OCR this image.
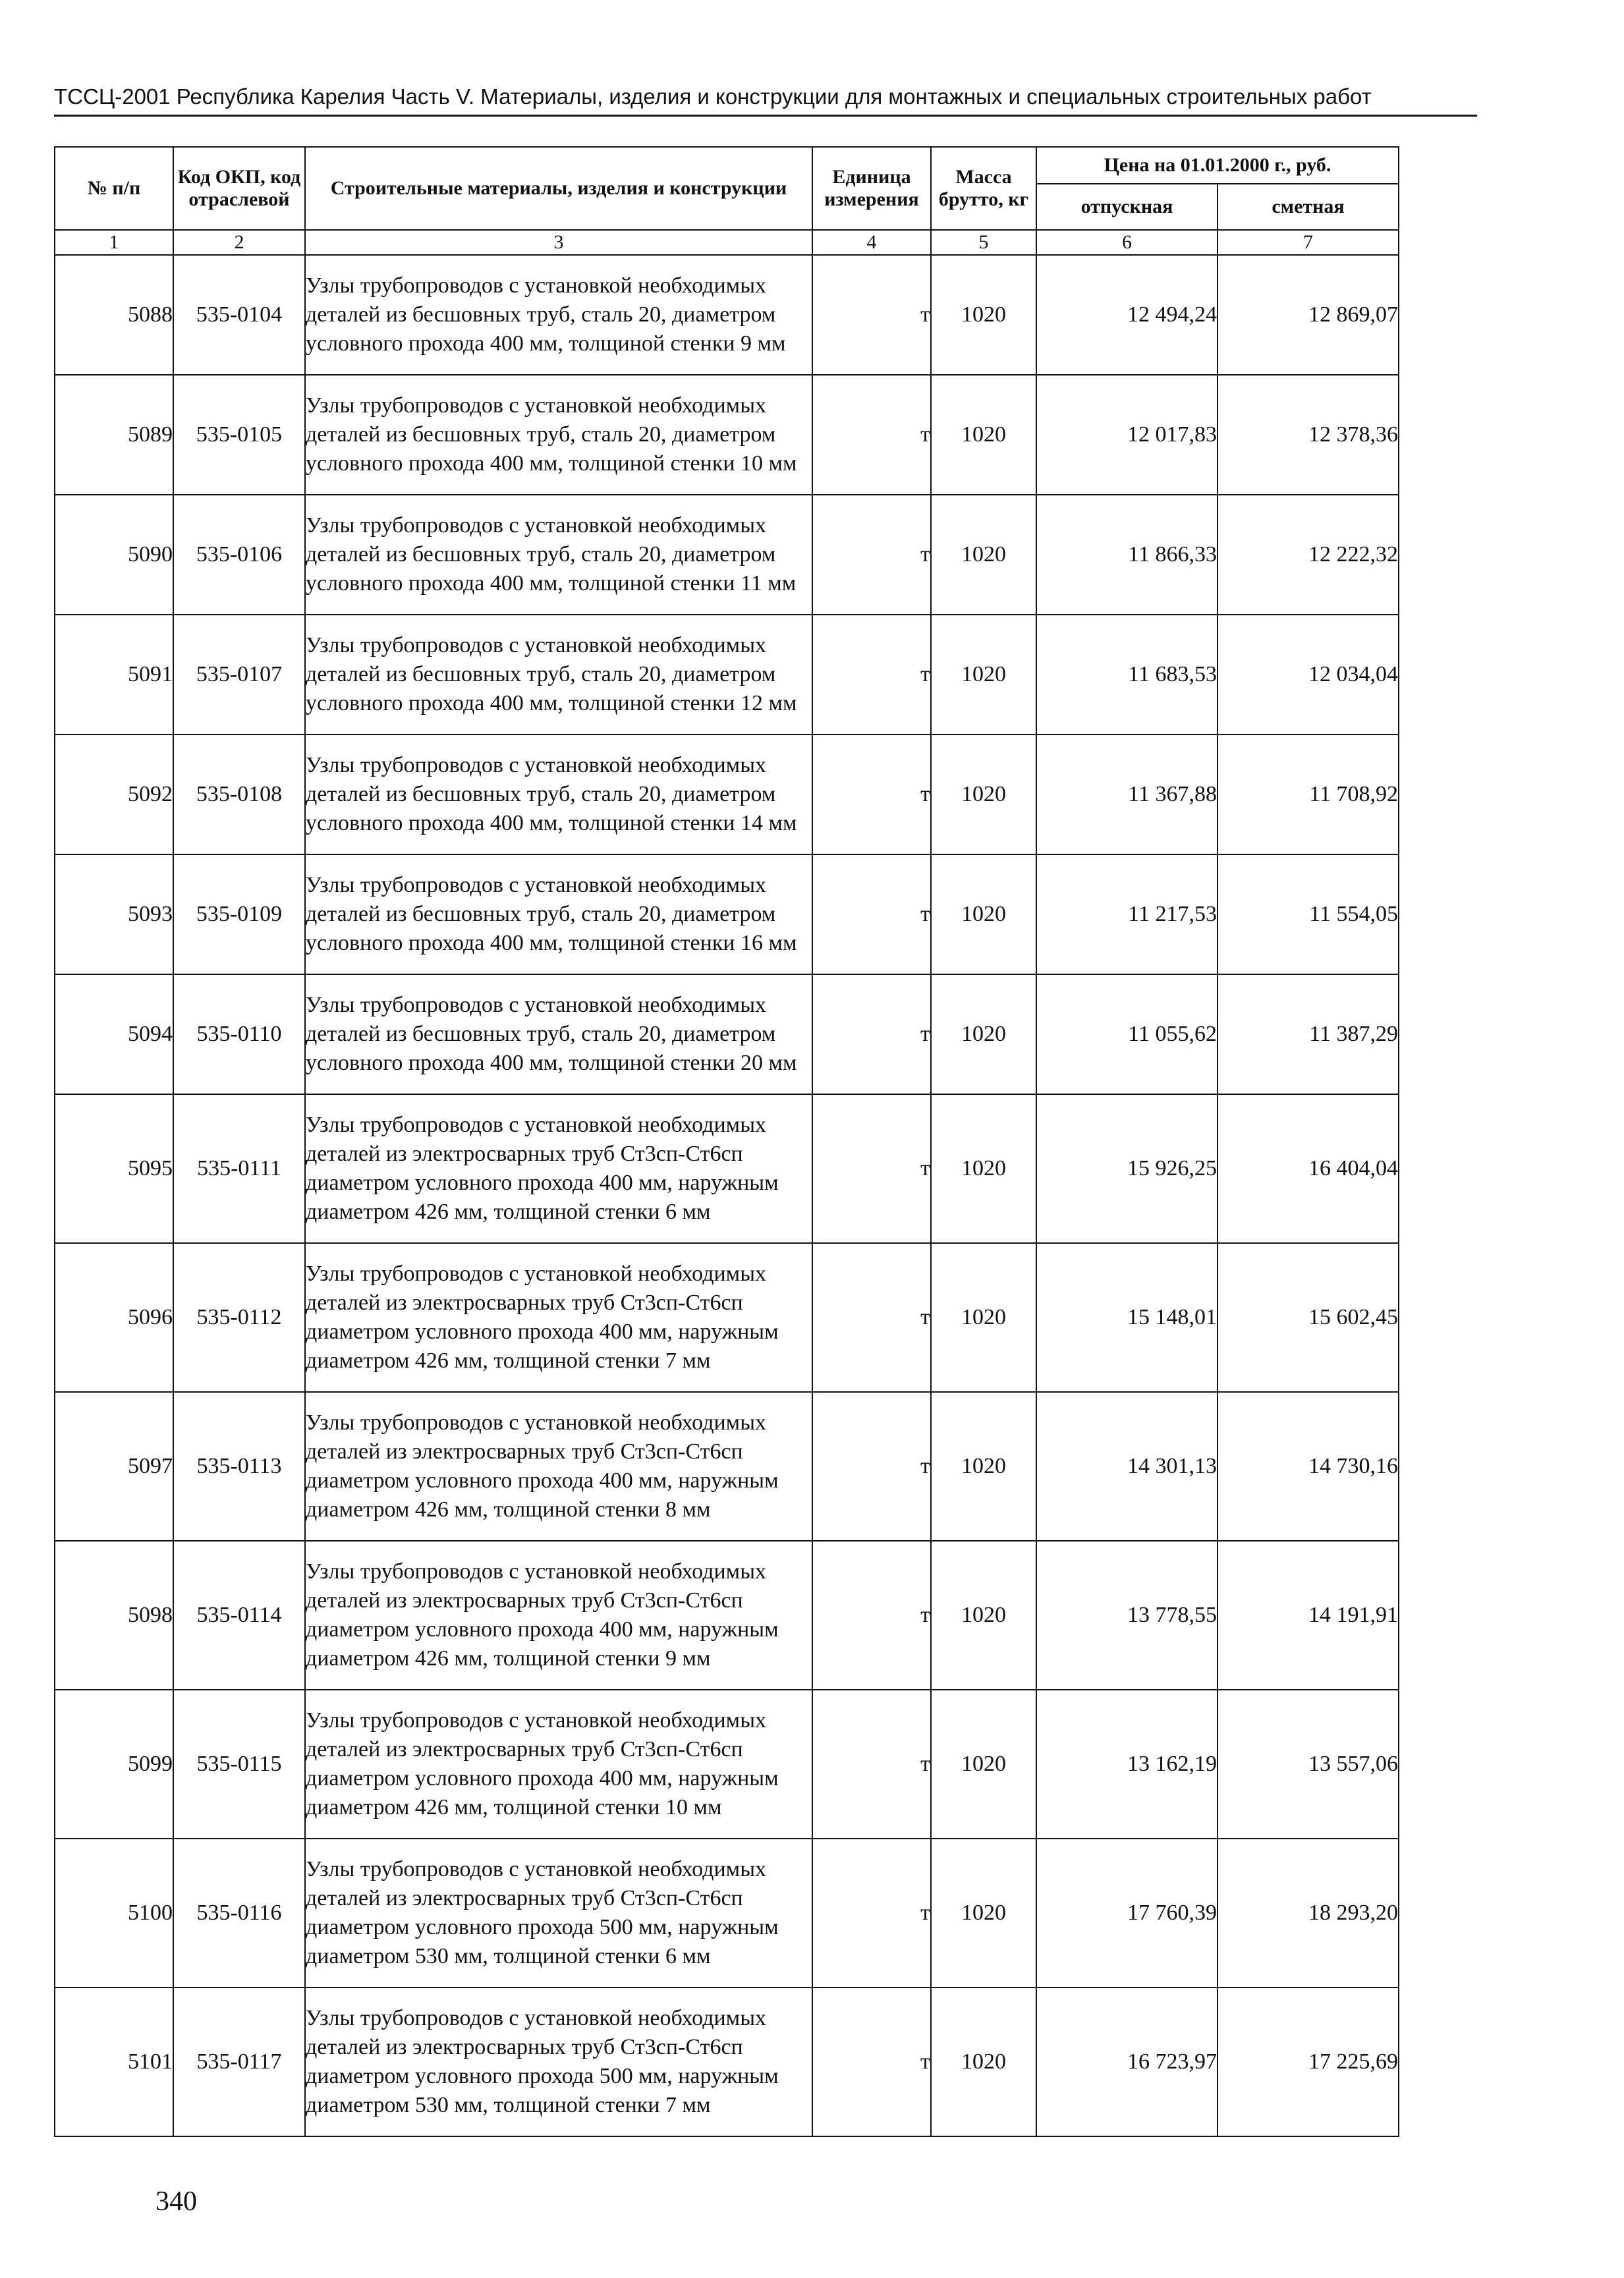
ТССЦ-2001 Республика Карелия Часть V. Материалы, изделия и конструкции для монтажных и специальных строительных работ
№ п/п	Код ОКП, код отраслевой	Строительные материалы, изделия и конструкции	Единица измерения	Масса брутто, кг	Цена на 01.01.2000 г., руб.	
					отпускная	сметная
1	2	3	4	5	6	7
5088	535-0104	Узлы трубопроводов с установкой необходимых деталей из бесшовных труб, сталь 20, диаметром условного прохода 400 мм, толщиной стенки 9 мм	т	1020	12 494,24	12 869,07
5089	535-0105	Узлы трубопроводов с установкой необходимых деталей из бесшовных труб, сталь 20, диаметром условного прохода 400 мм, толщиной стенки 10 мм	т	1020	12 017,83	12 378,36
5090	535-0106	Узлы трубопроводов с установкой необходимых деталей из бесшовных труб, сталь 20, диаметром условного прохода 400 мм, толщиной стенки 11 мм	т	1020	11 866,33	12 222,32
5091	535-0107	Узлы трубопроводов с установкой необходимых деталей из бесшовных труб, сталь 20, диаметром условного прохода 400 мм, толщиной стенки 12 мм	т	1020	11 683,53	12 034,04
5092	535-0108	Узлы трубопроводов с установкой необходимых деталей из бесшовных труб, сталь 20, диаметром условного прохода 400 мм, толщиной стенки 14 мм	т	1020	11 367,88	11 708,92
5093	535-0109	Узлы трубопроводов с установкой необходимых деталей из бесшовных труб, сталь 20, диаметром условного прохода 400 мм, толщиной стенки 16 мм	т	1020	11 217,53	11 554,05
5094	535-0110	Узлы трубопроводов с установкой необходимых деталей из бесшовных труб, сталь 20, диаметром условного прохода 400 мм, толщиной стенки 20 мм	т	1020	11 055,62	11 387,29
5095	535-0111	Узлы трубопроводов с установкой необходимых деталей из электросварных труб Ст3сп-Ст6сп диаметром условного прохода 400 мм, наружным диаметром 426 мм, толщиной стенки 6 мм	т	1020	15 926,25	16 404,04
5096	535-0112	Узлы трубопроводов с установкой необходимых деталей из электросварных труб Ст3сп-Ст6сп диаметром условного прохода 400 мм, наружным диаметром 426 мм, толщиной стенки 7 мм	т	1020	15 148,01	15 602,45
5097	535-0113	Узлы трубопроводов с установкой необходимых деталей из электросварных труб Ст3сп-Ст6сп диаметром условного прохода 400 мм, наружным диаметром 426 мм, толщиной стенки 8 мм	т	1020	14 301,13	14 730,16
5098	535-0114	Узлы трубопроводов с установкой необходимых деталей из электросварных труб Ст3сп-Ст6сп диаметром условного прохода 400 мм, наружным диаметром 426 мм, толщиной стенки 9 мм	т	1020	13 778,55	14 191,91
5099	535-0115	Узлы трубопроводов с установкой необходимых деталей из электросварных труб Ст3сп-Ст6сп диаметром условного прохода 400 мм, наружным диаметром 426 мм, толщиной стенки 10 мм	т	1020	13 162,19	13 557,06
5100	535-0116	Узлы трубопроводов с установкой необходимых деталей из электросварных труб Ст3сп-Ст6сп диаметром условного прохода 500 мм, наружным диаметром 530 мм, толщиной стенки 6 мм	т	1020	17 760,39	18 293,20
5101	535-0117	Узлы трубопроводов с установкой необходимых деталей из электросварных труб Ст3сп-Ст6сп диаметром условного прохода 500 мм, наружным диаметром 530 мм, толщиной стенки 7 мм	т	1020	16 723,97	17 225,69
340
